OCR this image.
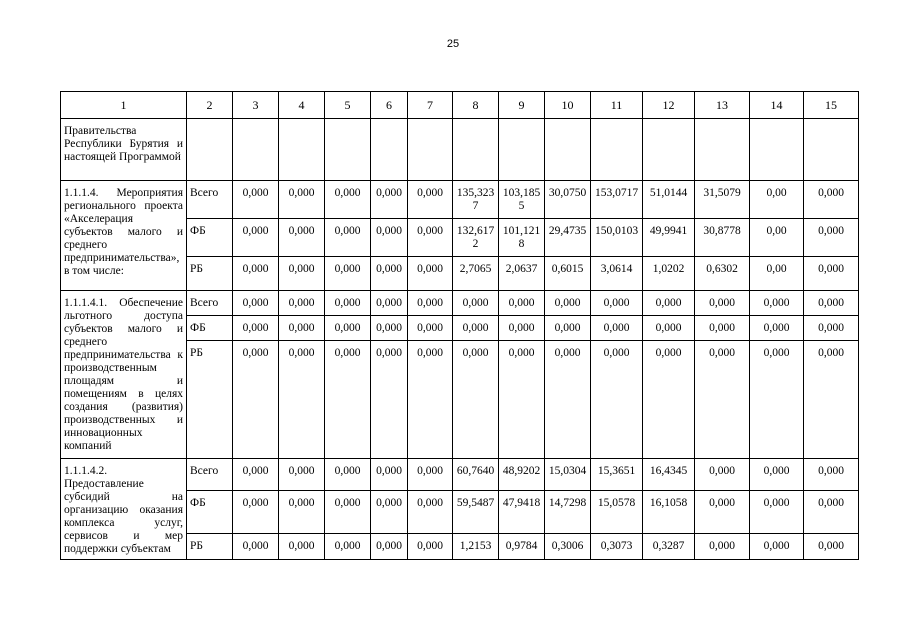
25
1	2	3	4	5	6	7	8	9	10	11	12	13	14	15
Правительства Республики Бурятия и настоящей Программой														
1.1.1.4. Мероприятия регионального проекта «Акселерация субъектов малого и среднего предпринимательства», в том числе:	Всего	0,000	0,000	0,000	0,000	0,000	135,3237	103,1855	30,0750	153,0717	51,0144	31,5079	0,00	0,000
	ФБ	0,000	0,000	0,000	0,000	0,000	132,6172	101,1218	29,4735	150,0103	49,9941	30,8778	0,00	0,000
	РБ	0,000	0,000	0,000	0,000	0,000	2,7065	2,0637	0,6015	3,0614	1,0202	0,6302	0,00	0,000
1.1.1.4.1. Обеспечение льготного доступа субъектов малого и среднего предпринимательства к производственным площадям и помещениям в целях создания (развития) производственных и инновационных компаний	Всего	0,000	0,000	0,000	0,000	0,000	0,000	0,000	0,000	0,000	0,000	0,000	0,000	0,000
	ФБ	0,000	0,000	0,000	0,000	0,000	0,000	0,000	0,000	0,000	0,000	0,000	0,000	0,000
	РБ	0,000	0,000	0,000	0,000	0,000	0,000	0,000	0,000	0,000	0,000	0,000	0,000	0,000
1.1.1.4.2. Предоставление субсидий на организацию оказания комплекса услуг, сервисов и мер поддержки субъектам	Всего	0,000	0,000	0,000	0,000	0,000	60,7640	48,9202	15,0304	15,3651	16,4345	0,000	0,000	0,000
	ФБ	0,000	0,000	0,000	0,000	0,000	59,5487	47,9418	14,7298	15,0578	16,1058	0,000	0,000	0,000
	РБ	0,000	0,000	0,000	0,000	0,000	1,2153	0,9784	0,3006	0,3073	0,3287	0,000	0,000	0,000
